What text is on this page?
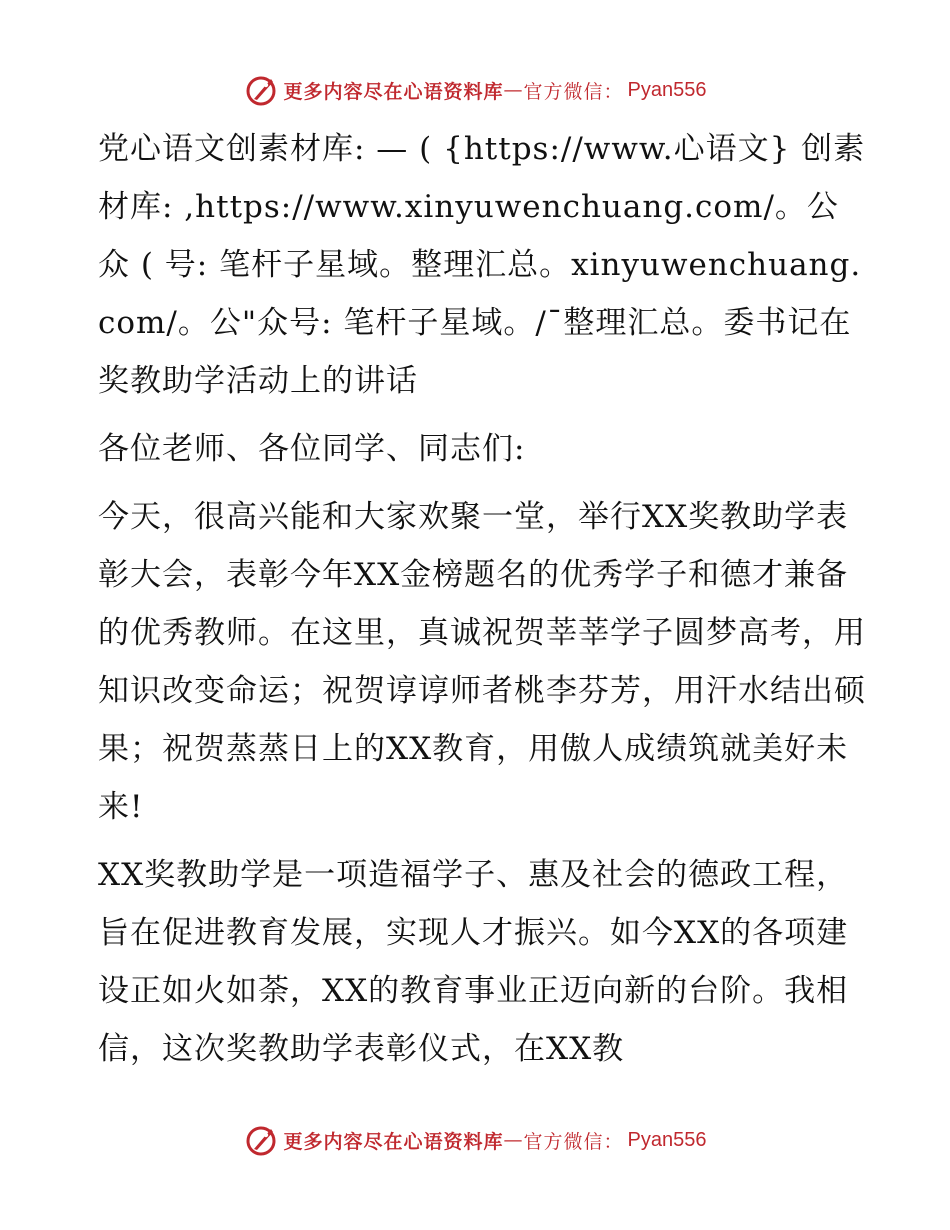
更多内容尽在心语资料库 — 官方微信： Pyan556

党心语文创素材库: — ( {https://www.心语文} 创素材库: ,https://www.xinyuwenchuang.com/。公众 ( 号: 笔杆子星域。整理汇总。xinyuwenchuang.com/。公"众号: 笔杆子星域。/¯整理汇总。委书记在奖教助学活动上的讲话

各位老师、各位同学、同志们:

今天，很高兴能和大家欢聚一堂，举行XX奖教助学表彰大会，表彰今年XX金榜题名的优秀学子和德才兼备的优秀教师。在这里，真诚祝贺莘莘学子圆梦高考，用知识改变命运；祝贺谆谆师者桃李芬芳，用汗水结出硕果；祝贺蒸蒸日上的XX教育，用傲人成绩筑就美好未来!

XX奖教助学是一项造福学子、惠及社会的德政工程，旨在促进教育发展，实现人才振兴。如今XX的各项建设正如火如荼，XX的教育事业正迈向新的台阶。我相信，这次奖教助学表彰仪式，在XX教

更多内容尽在心语资料库 — 官方微信： Pyan556
